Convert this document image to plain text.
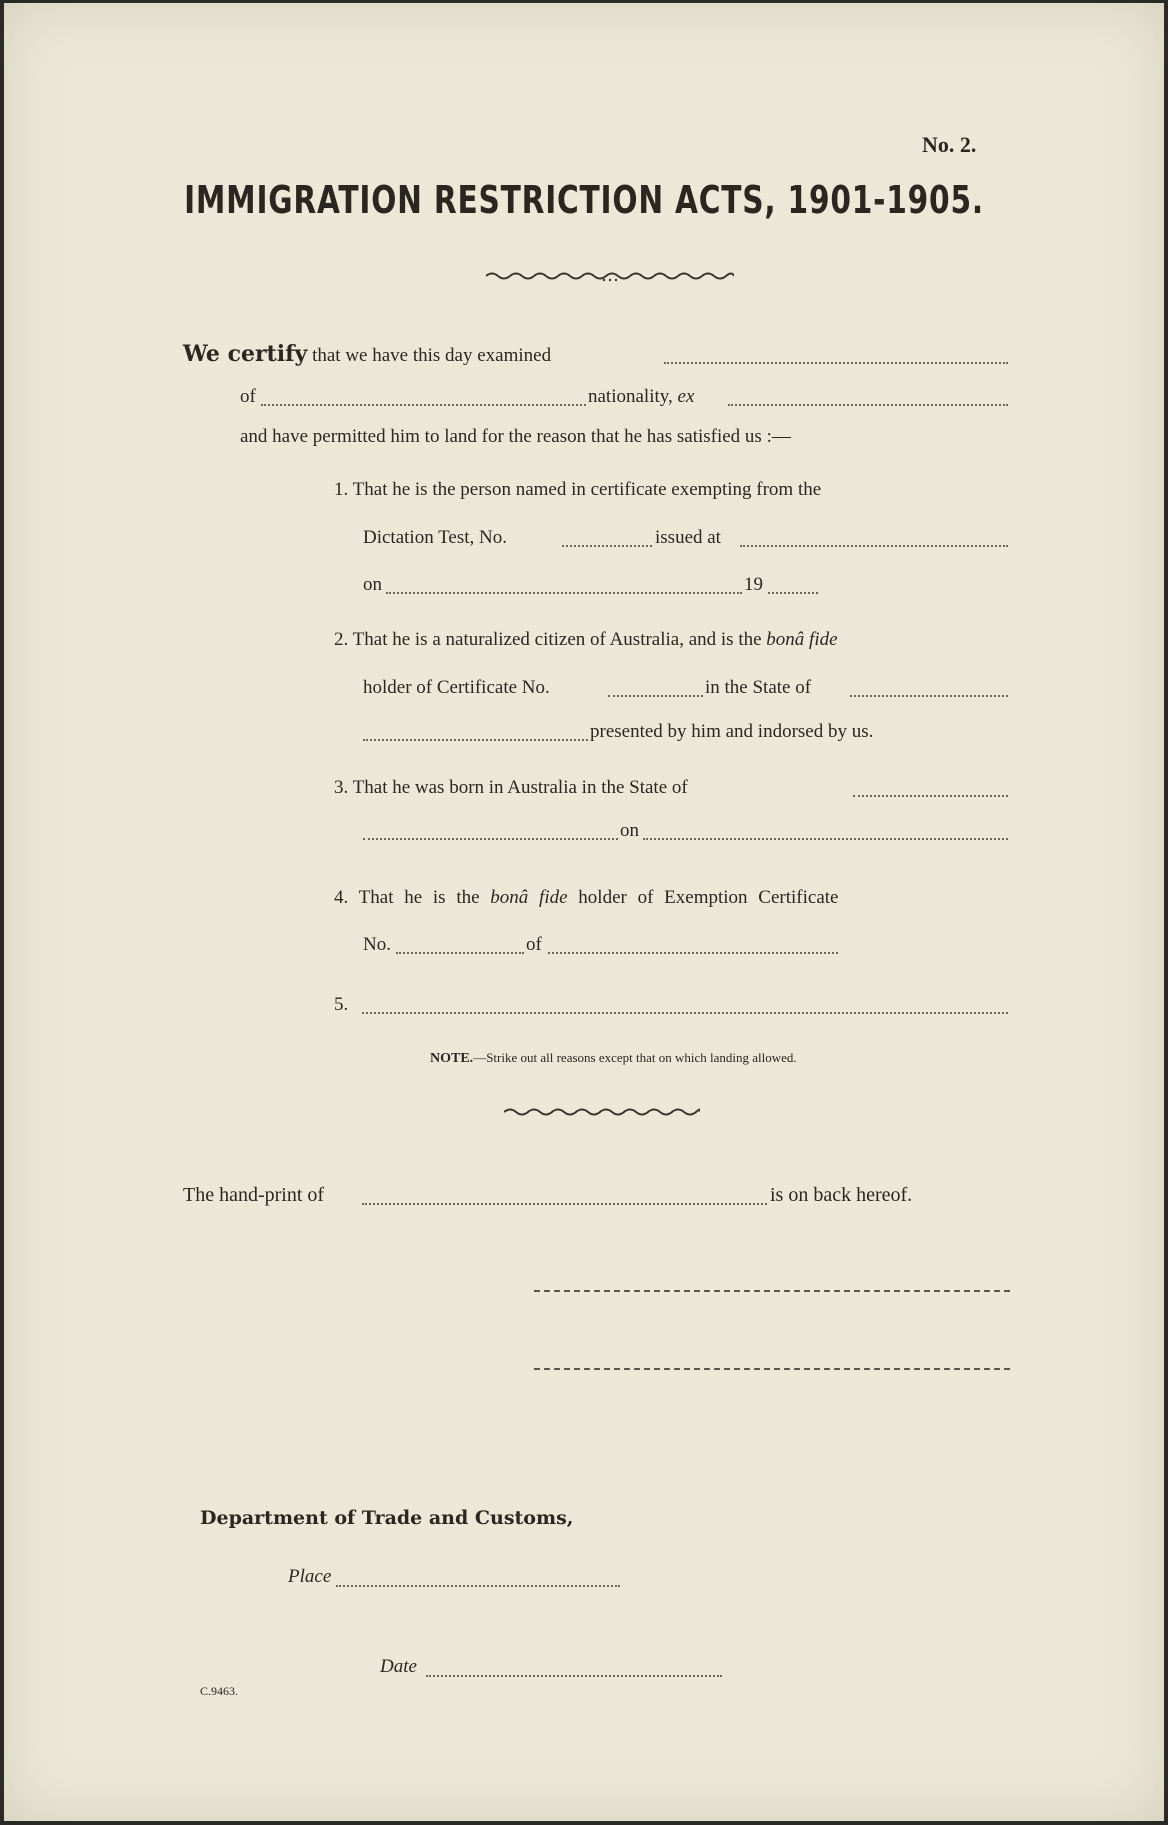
No. 2.
IMMIGRATION RESTRICTION ACTS, 1901-1905.
We certify that we have this day examined
of	nationality, ex
and have permitted him to land for the reason that he has satisfied us :—
1. That he is the person named in certificate exempting from the
Dictation Test, No.	issued at
on	19
2. That he is a naturalized citizen of Australia, and is the bonâ fide
holder of Certificate No.	in the State of
presented by him and indorsed by us.
3. That he was born in Australia in the State of
on
4. That he is the bonâ fide holder of Exemption Certificate
No.	of
5.
NOTE.—Strike out all reasons except that on which landing allowed.
The hand-print of	is on back hereof.
Department of Trade and Customs,
Place
Date
C.9463.
